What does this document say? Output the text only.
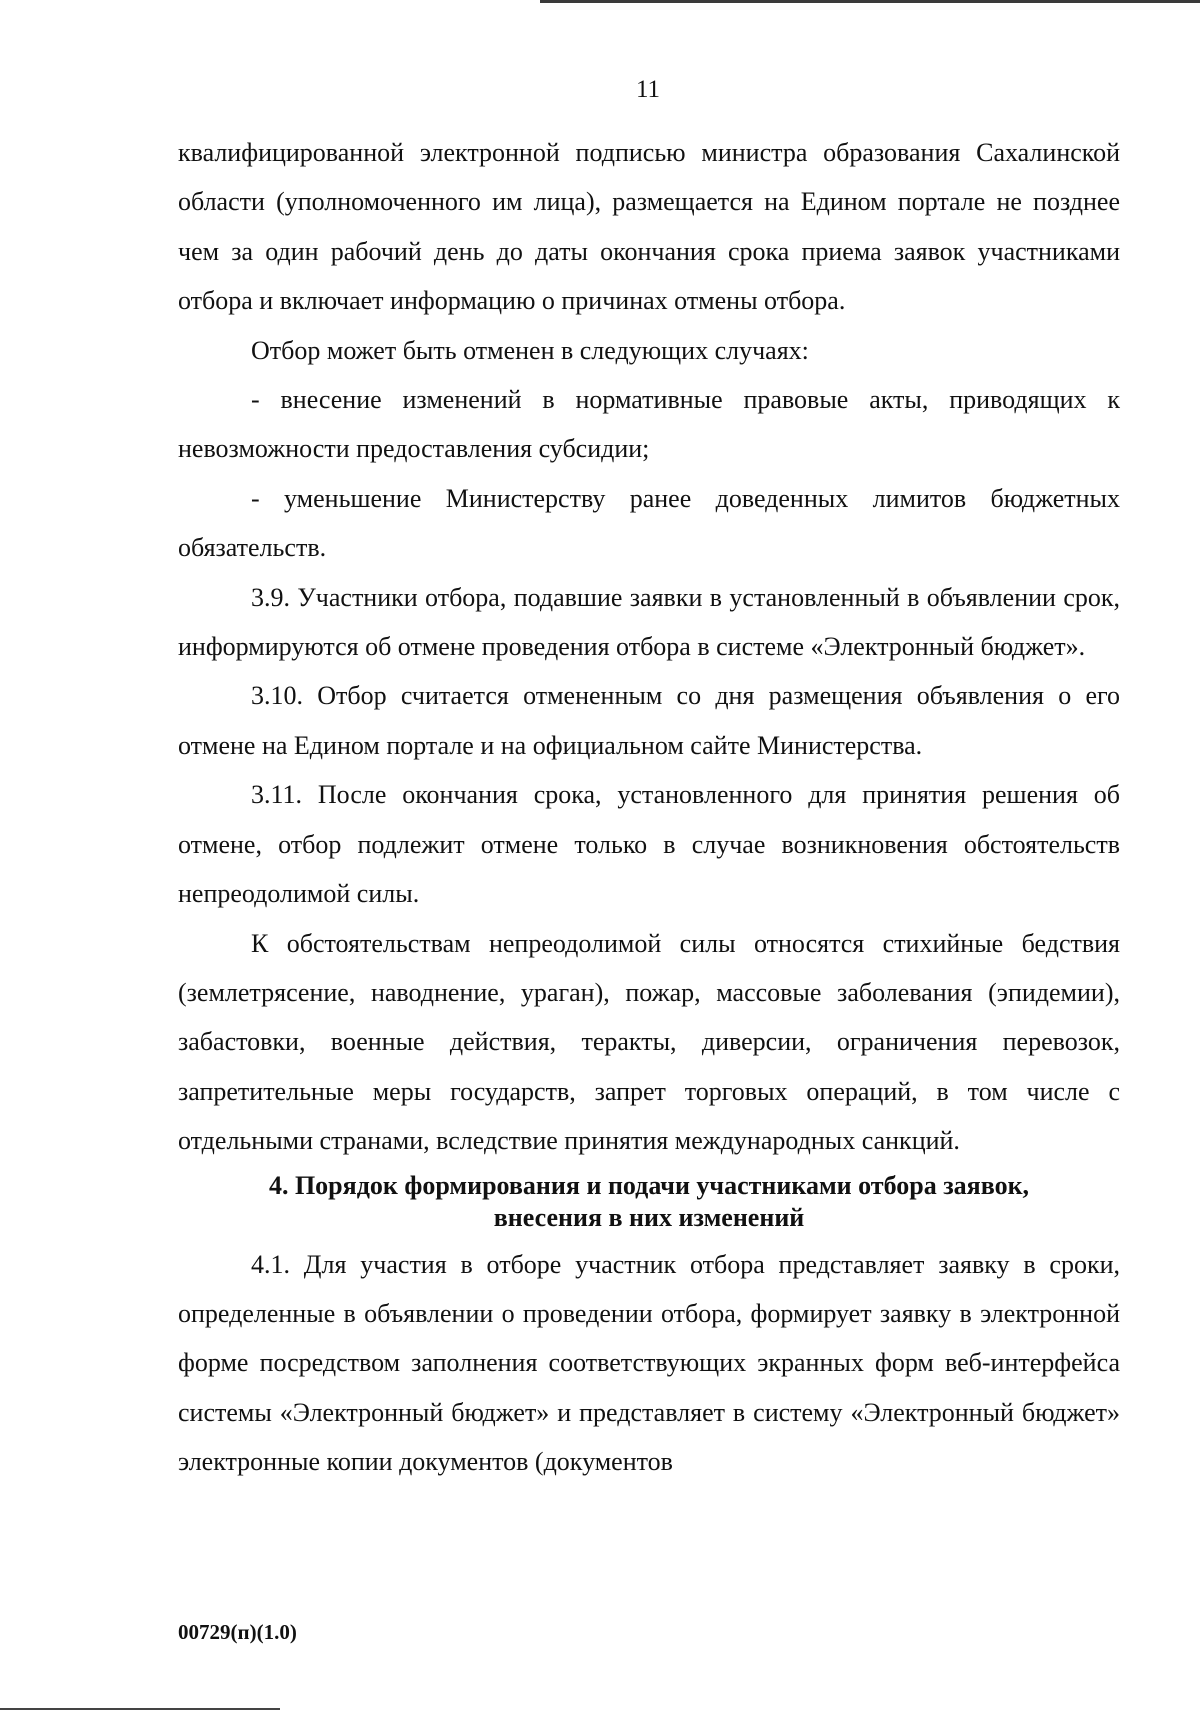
11

квалифицированной электронной подписью министра образования Сахалинской области (уполномоченного им лица), размещается на Едином портале не позднее чем за один рабочий день до даты окончания срока приема заявок участниками отбора и включает информацию о причинах отмены отбора.

Отбор может быть отменен в следующих случаях:

- внесение изменений в нормативные правовые акты, приводящих к невозможности предоставления субсидии;

- уменьшение Министерству ранее доведенных лимитов бюджетных обязательств.

3.9. Участники отбора, подавшие заявки в установленный в объявлении срок, информируются об отмене проведения отбора в системе «Электронный бюджет».

3.10. Отбор считается отмененным со дня размещения объявления о его отмене на Едином портале и на официальном сайте Министерства.

3.11. После окончания срока, установленного для принятия решения об отмене, отбор подлежит отмене только в случае возникновения обстоятельств непреодолимой силы.

К обстоятельствам непреодолимой силы относятся стихийные бедствия (землетрясение, наводнение, ураган), пожар, массовые заболевания (эпидемии), забастовки, военные действия, теракты, диверсии, ограничения перевозок, запретительные меры государств, запрет торговых операций, в том числе с отдельными странами, вследствие принятия международных санкций.

4. Порядок формирования и подачи участниками отбора заявок,
внесения в них изменений

4.1. Для участия в отборе участник отбора представляет заявку в сроки, определенные в объявлении о проведении отбора, формирует заявку в электронной форме посредством заполнения соответствующих экранных форм веб-интерфейса системы «Электронный бюджет» и представляет в систему «Электронный бюджет» электронные копии документов (документов

00729(п)(1.0)
